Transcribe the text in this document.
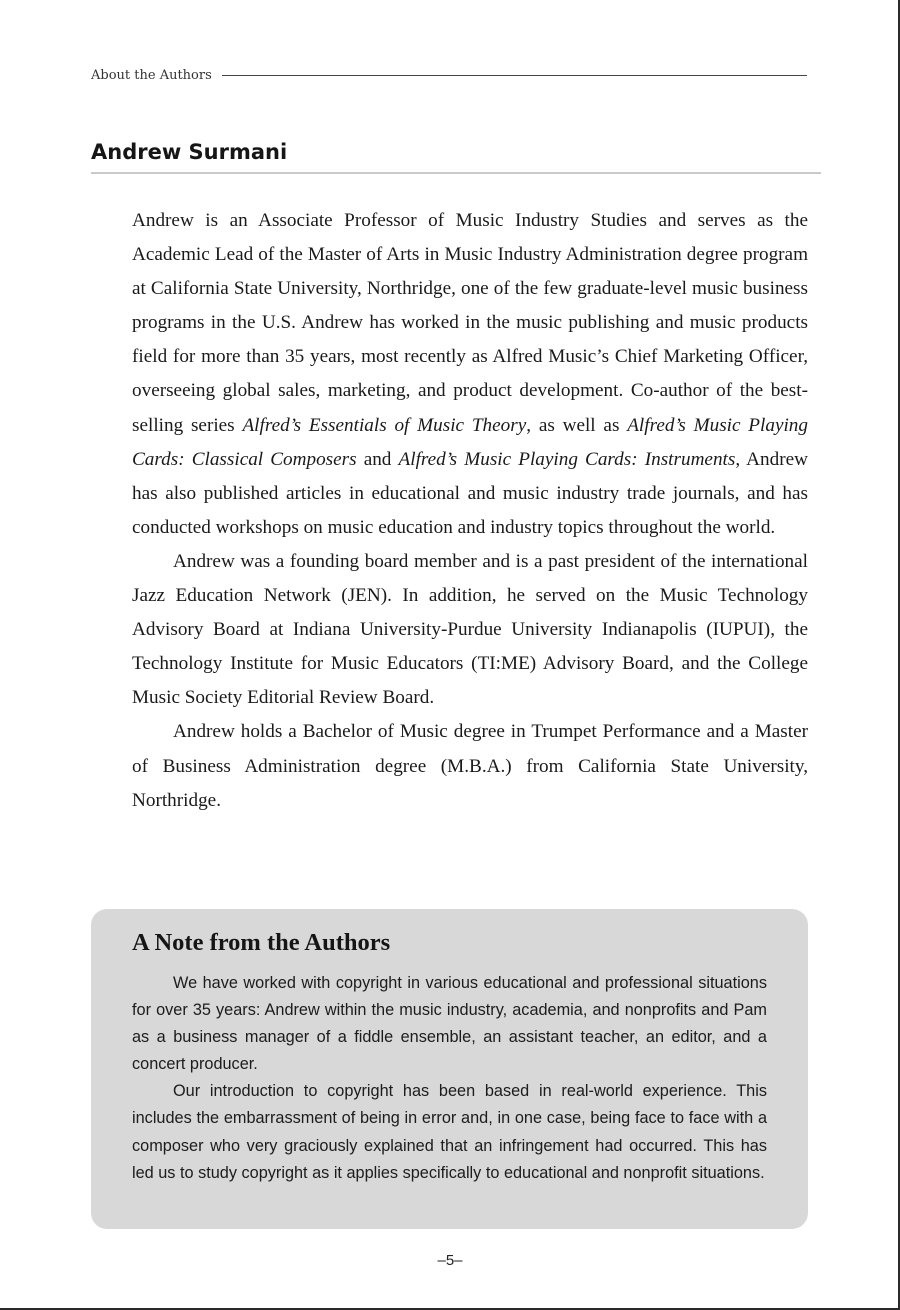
About the Authors
Andrew Surmani

Andrew is an Associate Professor of Music Industry Studies and serves as the Academic Lead of the Master of Arts in Music Industry Administration degree program at California State University, Northridge, one of the few graduate-level music business programs in the U.S. Andrew has worked in the music publishing and music products field for more than 35 years, most recently as Alfred Music’s Chief Marketing Officer, overseeing global sales, marketing, and product development. Co-author of the best-selling series Alfred’s Essentials of Music Theory, as well as Alfred’s Music Playing Cards: Classical Composers and Alfred’s Music Playing Cards: Instruments, Andrew has also published articles in educational and music industry trade journals, and has conducted workshops on music education and industry topics throughout the world.

Andrew was a founding board member and is a past president of the international Jazz Education Network (JEN). In addition, he served on the Music Technology Advisory Board at Indiana University-Purdue University Indianapolis (IUPUI), the Technology Institute for Music Educators (TI:ME) Advisory Board, and the College Music Society Editorial Review Board.

Andrew holds a Bachelor of Music degree in Trumpet Performance and a Master of Business Administration degree (M.B.A.) from California State University, Northridge.

A Note from the Authors

We have worked with copyright in various educational and professional situations for over 35 years: Andrew within the music industry, academia, and nonprofits and Pam as a business manager of a fiddle ensemble, an assistant teacher, an editor, and a concert producer.

Our introduction to copyright has been based in real-world experience. This includes the embarrassment of being in error and, in one case, being face to face with a composer who very graciously explained that an infringement had occurred. This has led us to study copyright as it applies specifically to educational and nonprofit situations.

–5–
